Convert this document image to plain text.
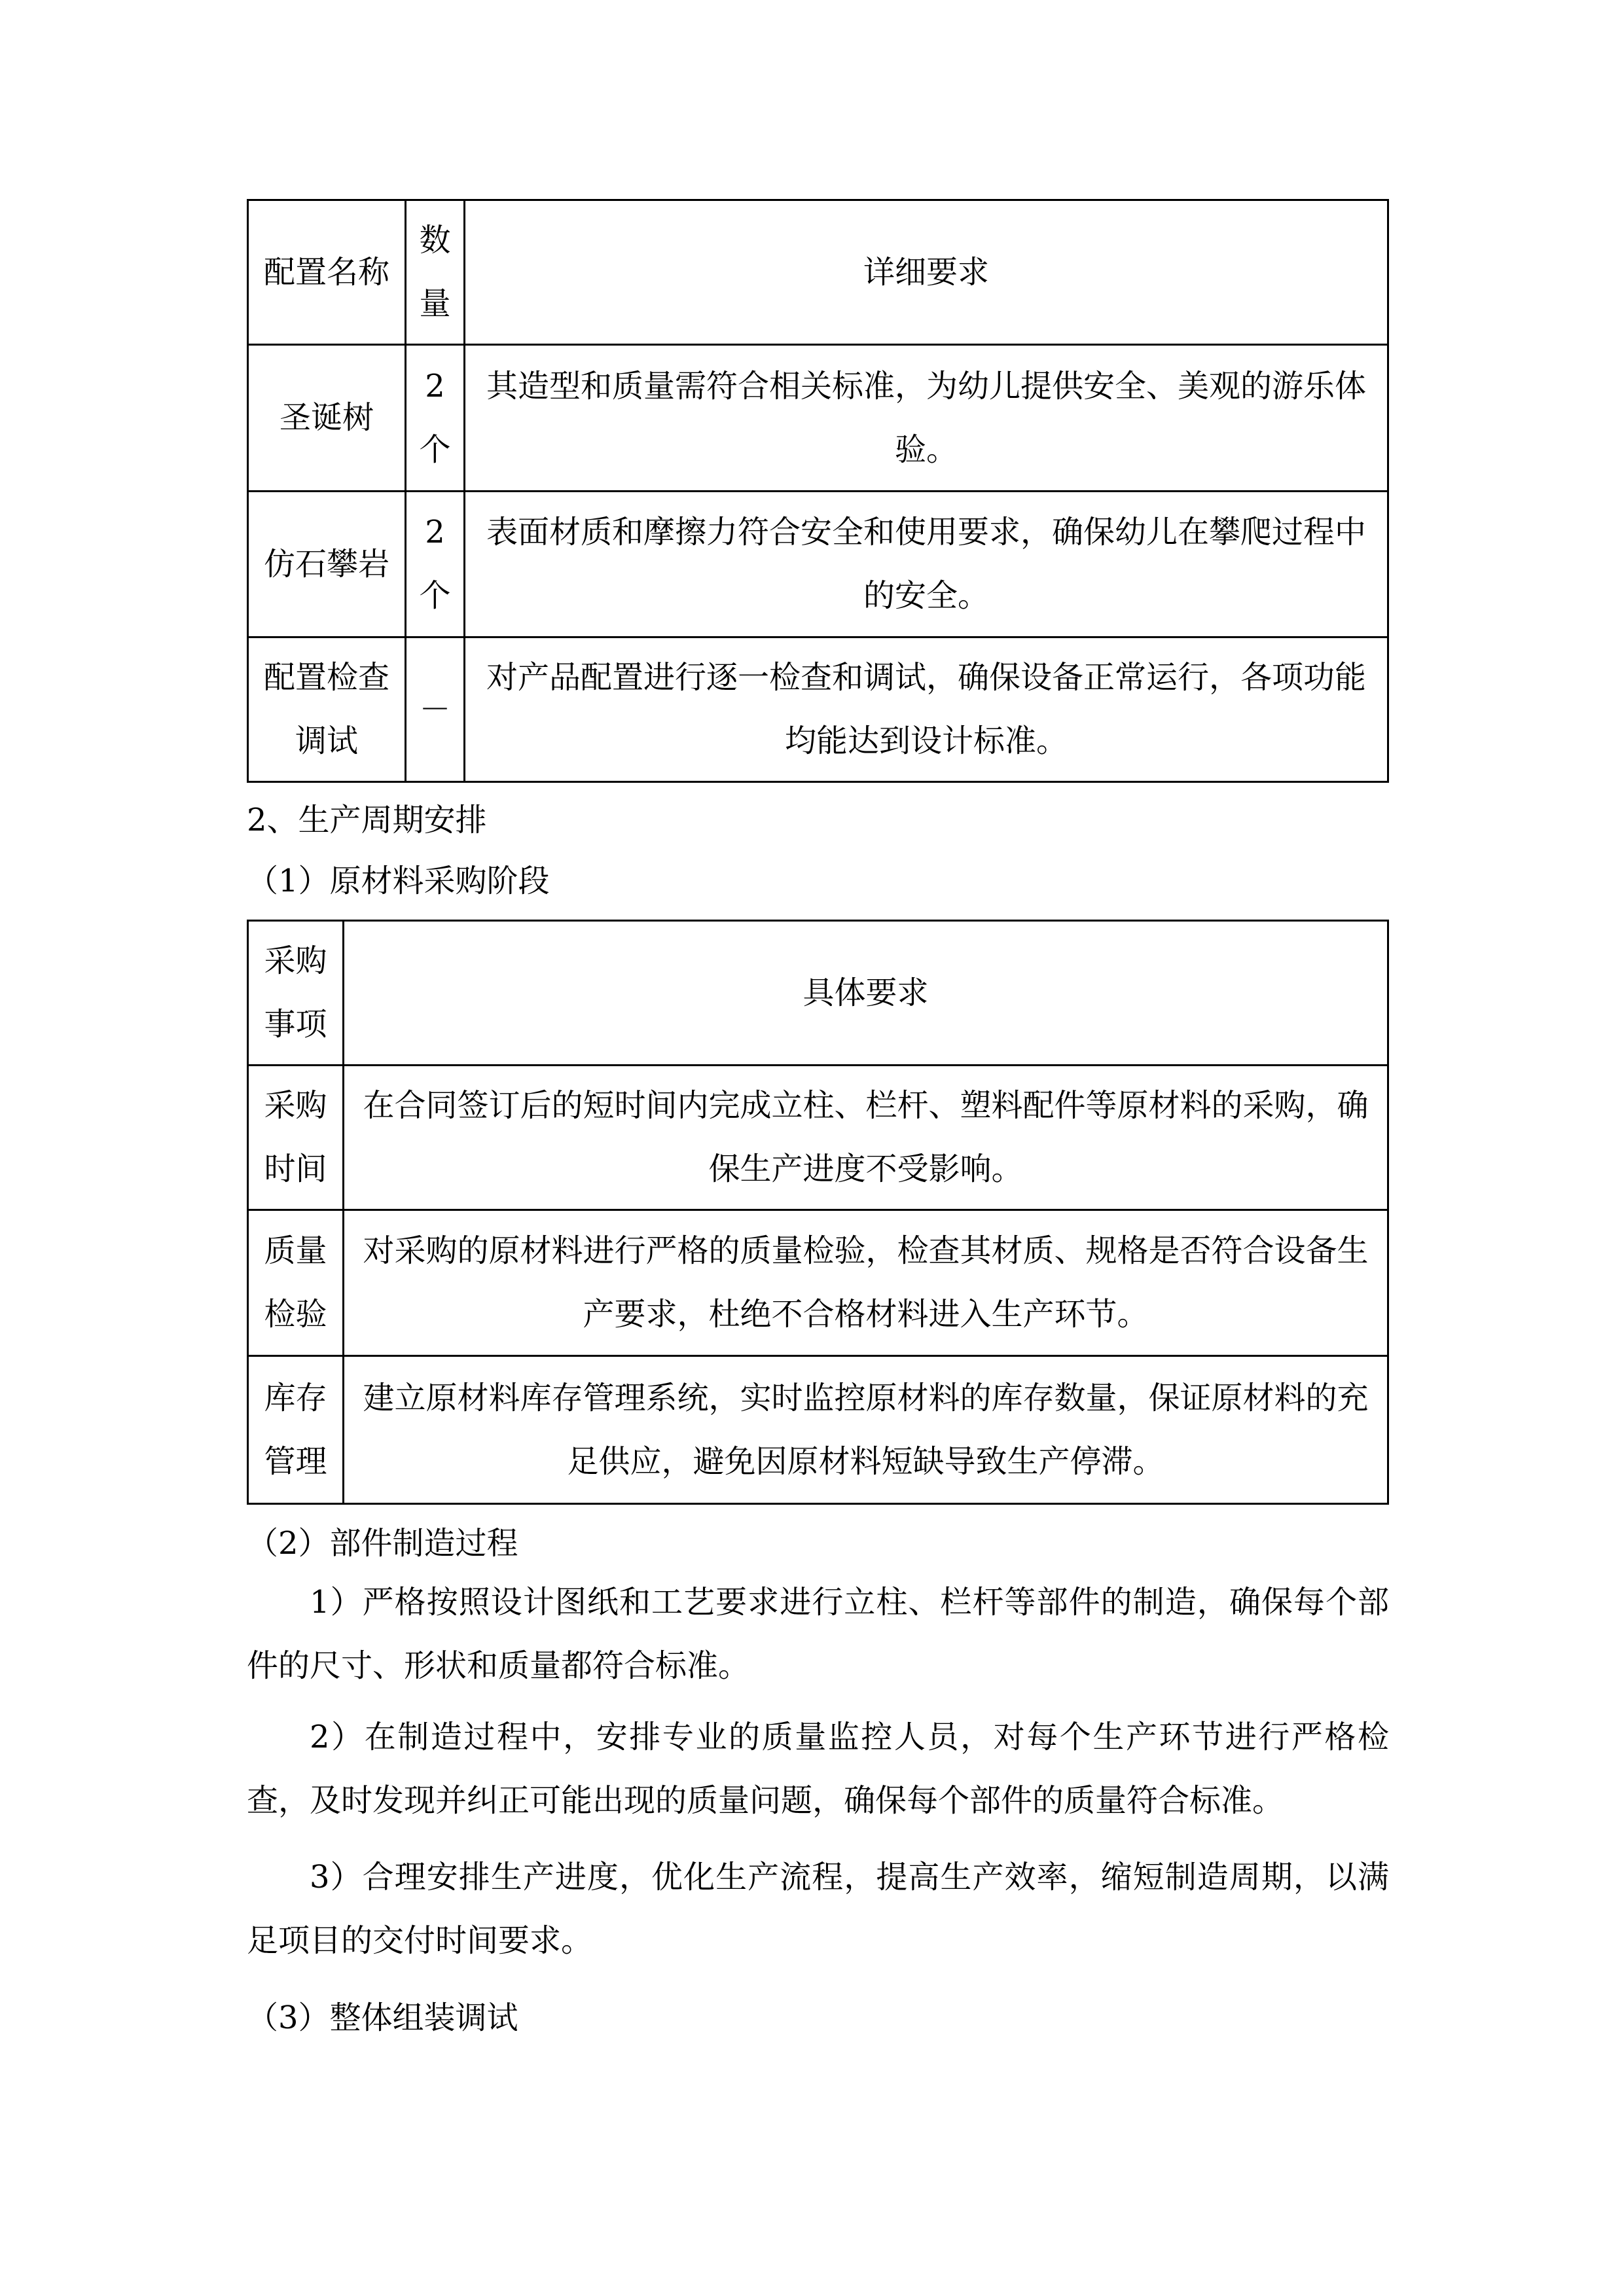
配置名称	数量	详细要求
圣诞树	2个	其造型和质量需符合相关标准，为幼儿提供安全、美观的游乐体验。
仿石攀岩	2个	表面材质和摩擦力符合安全和使用要求，确保幼儿在攀爬过程中的安全。
配置检查调试	－	对产品配置进行逐一检查和调试，确保设备正常运行，各项功能均能达到设计标准。
2、生产周期安排
（1）原材料采购阶段
采购事项	具体要求
采购时间	在合同签订后的短时间内完成立柱、栏杆、塑料配件等原材料的采购，确保生产进度不受影响。
质量检验	对采购的原材料进行严格的质量检验，检查其材质、规格是否符合设备生产要求，杜绝不合格材料进入生产环节。
库存管理	建立原材料库存管理系统，实时监控原材料的库存数量，保证原材料的充足供应，避免因原材料短缺导致生产停滞。
（2）部件制造过程
1）严格按照设计图纸和工艺要求进行立柱、栏杆等部件的制造，确保每个部件的尺寸、形状和质量都符合标准。
2）在制造过程中，安排专业的质量监控人员，对每个生产环节进行严格检查，及时发现并纠正可能出现的质量问题，确保每个部件的质量符合标准。
3）合理安排生产进度，优化生产流程，提高生产效率，缩短制造周期，以满足项目的交付时间要求。
（3）整体组装调试
